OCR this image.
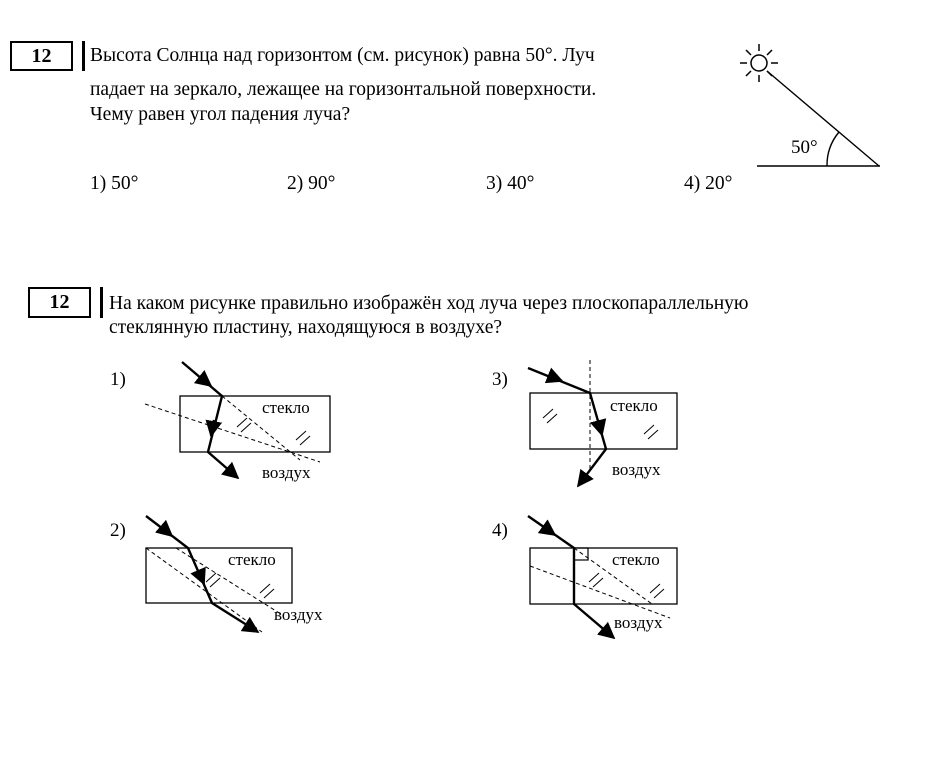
12	Высота Солнца над горизонтом (см. рисунок) равна 50°. Луч
падает на зеркало, лежащее на горизонтальной поверхности.
Чему равен угол падения луча?
1) 50°	2) 90°	3) 40°	4) 20°
50°
12	На каком рисунке правильно изображён ход луча через плоскопараллельную
стеклянную пластину, находящуюся в воздухе?
1)
стекло
воздух
2)
стекло
воздух
3)
стекло
воздух
4)
стекло
воздух
